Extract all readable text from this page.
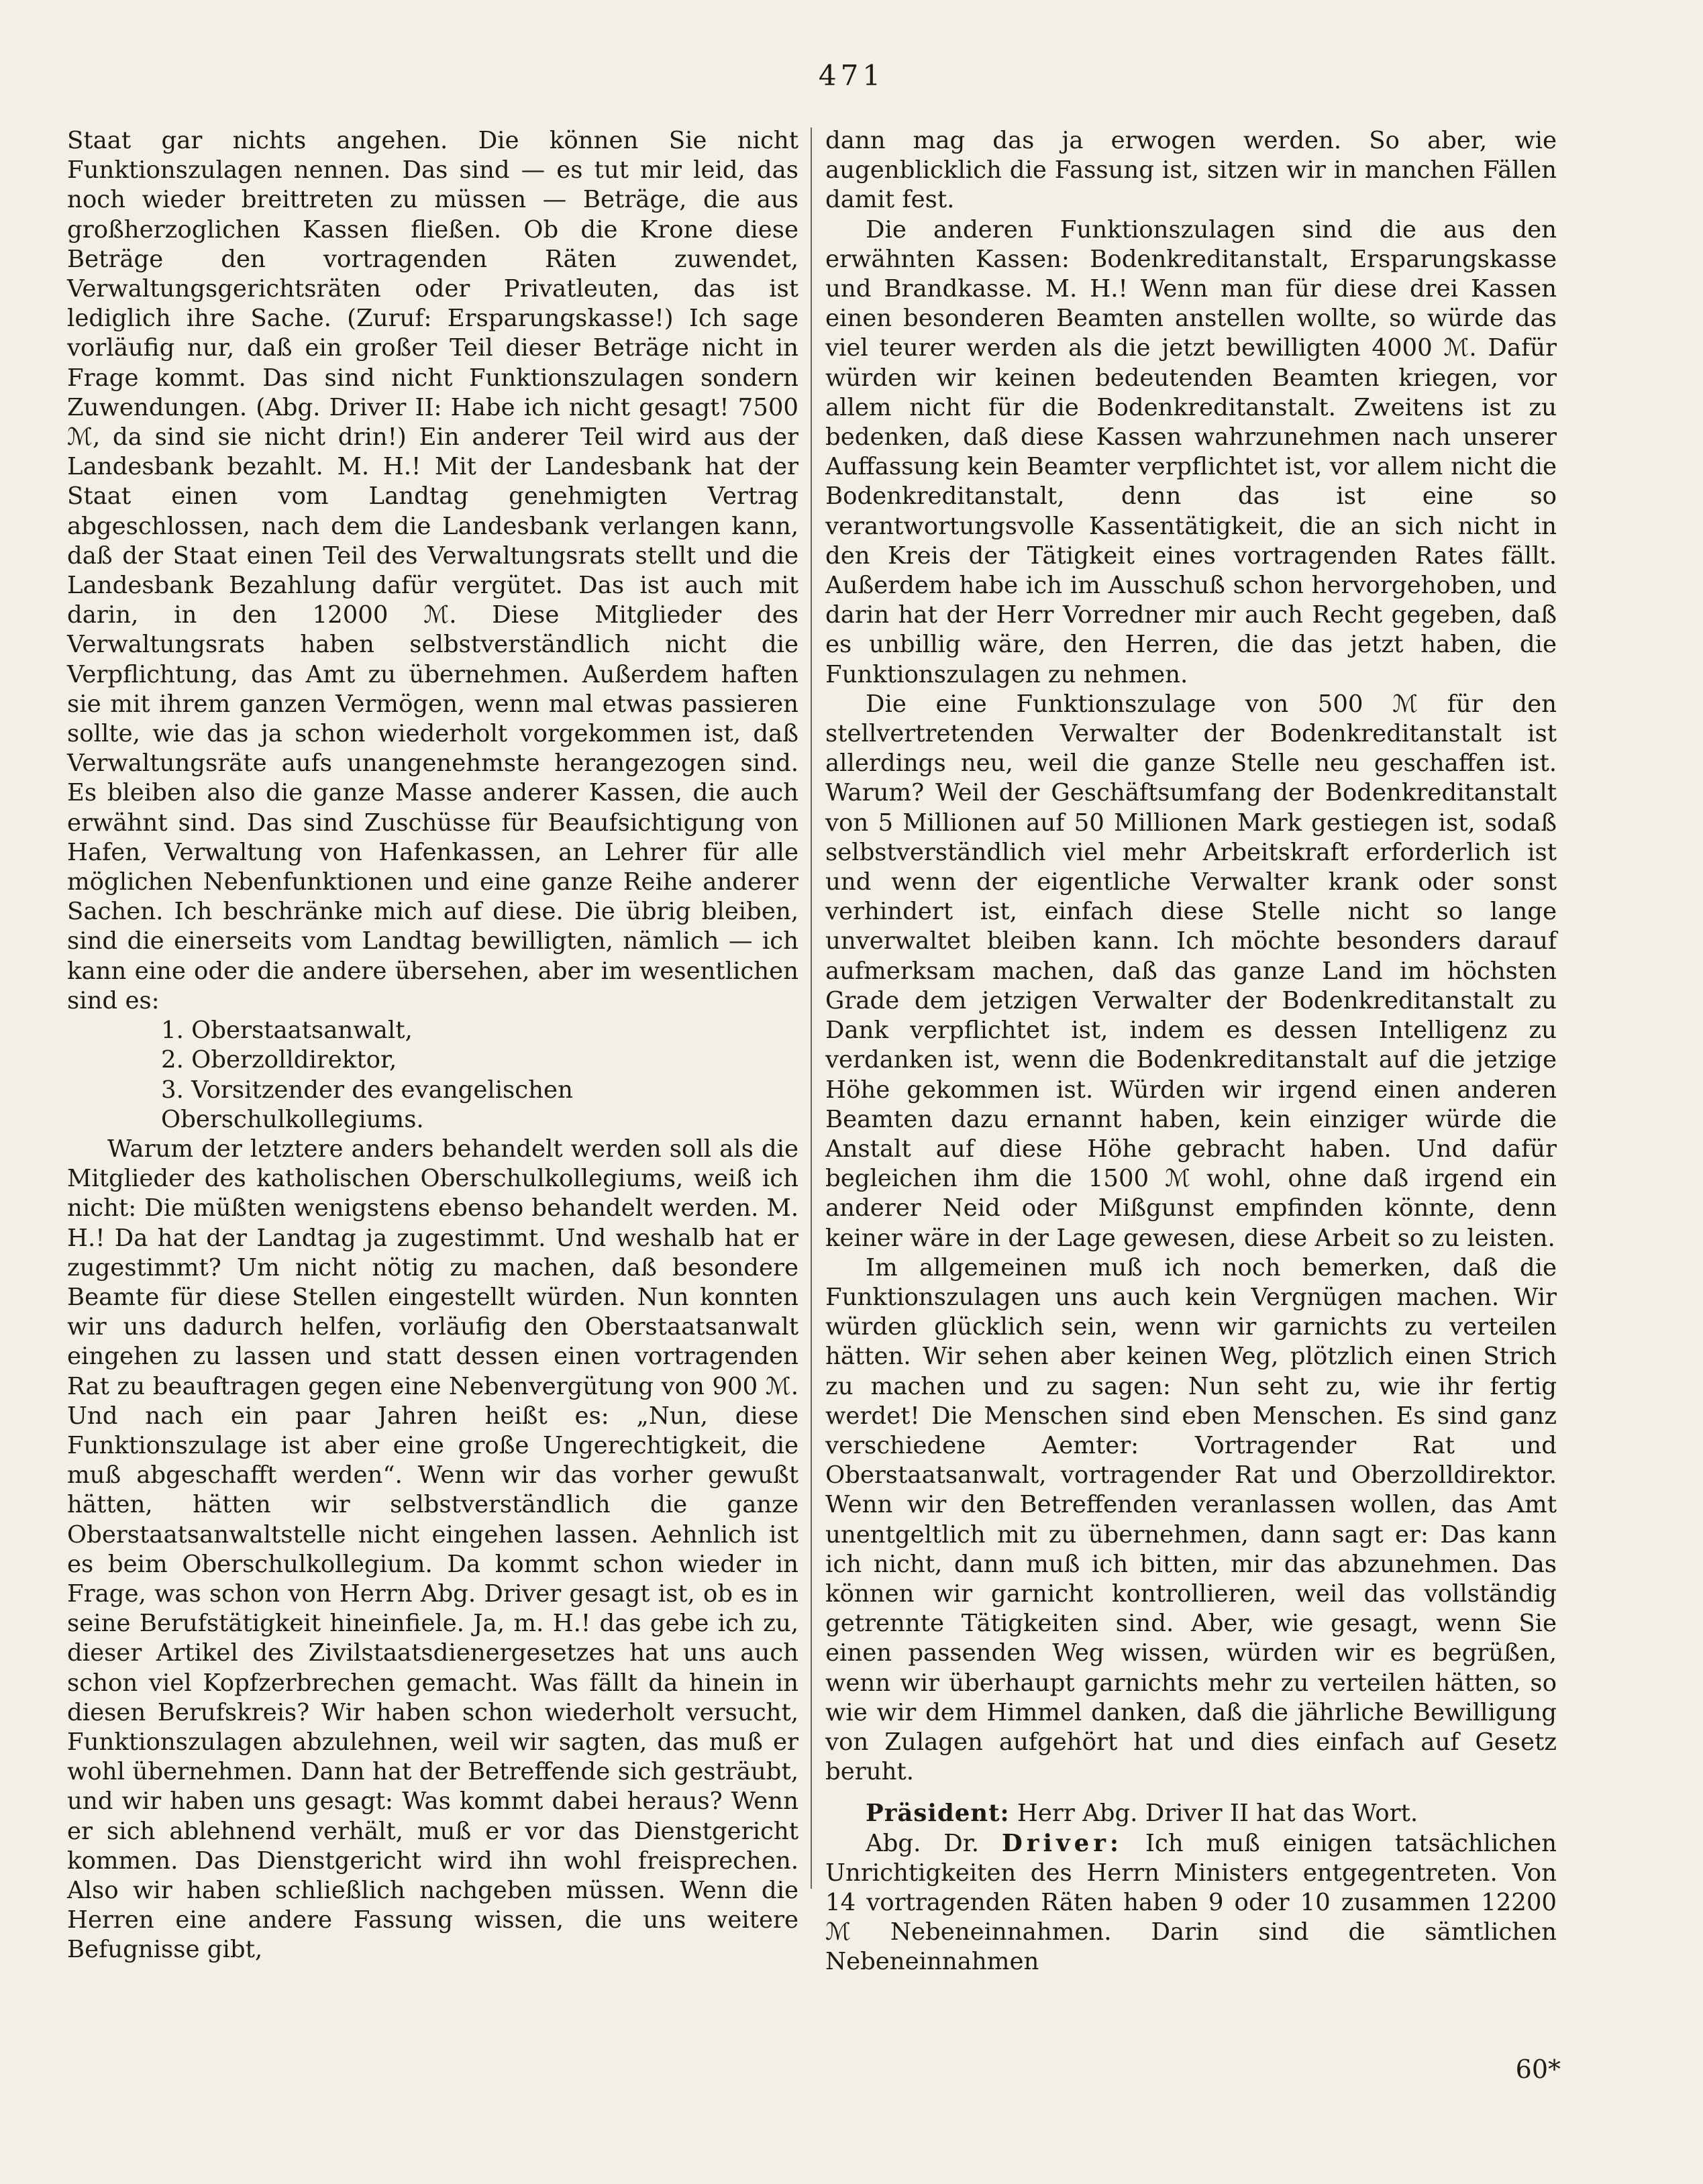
471

Staat gar nichts angehen. Die können Sie nicht Funktionszulagen nennen. Das sind — es tut mir leid, das noch wieder breittreten zu müssen — Beträge, die aus großherzoglichen Kassen fließen. Ob die Krone diese Beträge den vortragenden Räten zuwendet, Verwaltungsgerichtsräten oder Privatleuten, das ist lediglich ihre Sache. (Zuruf: Ersparungskasse!) Ich sage vorläufig nur, daß ein großer Teil dieser Beträge nicht in Frage kommt. Das sind nicht Funktionszulagen sondern Zuwendungen. (Abg. Driver II: Habe ich nicht gesagt! 7500 ℳ, da sind sie nicht drin!) Ein anderer Teil wird aus der Landesbank bezahlt. M. H.! Mit der Landesbank hat der Staat einen vom Landtag genehmigten Vertrag abgeschlossen, nach dem die Landesbank verlangen kann, daß der Staat einen Teil des Verwaltungsrats stellt und die Landesbank Bezahlung dafür vergütet. Das ist auch mit darin, in den 12000 ℳ. Diese Mitglieder des Verwaltungsrats haben selbstverständlich nicht die Verpflichtung, das Amt zu übernehmen. Außerdem haften sie mit ihrem ganzen Vermögen, wenn mal etwas passieren sollte, wie das ja schon wiederholt vorgekommen ist, daß Verwaltungsräte aufs unangenehmste herangezogen sind. Es bleiben also die ganze Masse anderer Kassen, die auch erwähnt sind. Das sind Zuschüsse für Beaufsichtigung von Hafen, Verwaltung von Hafenkassen, an Lehrer für alle möglichen Nebenfunktionen und eine ganze Reihe anderer Sachen. Ich beschränke mich auf diese. Die übrig bleiben, sind die einerseits vom Landtag bewilligten, nämlich — ich kann eine oder die andere übersehen, aber im wesentlichen sind es:

1. Oberstaatsanwalt,

2. Oberzolldirektor,

3. Vorsitzender des evangelischen Oberschulkollegiums.

Warum der letztere anders behandelt werden soll als die Mitglieder des katholischen Oberschulkollegiums, weiß ich nicht: Die müßten wenigstens ebenso behandelt werden. M. H.! Da hat der Landtag ja zugestimmt. Und weshalb hat er zugestimmt? Um nicht nötig zu machen, daß besondere Beamte für diese Stellen eingestellt würden. Nun konnten wir uns dadurch helfen, vorläufig den Oberstaatsanwalt eingehen zu lassen und statt dessen einen vortragenden Rat zu beauftragen gegen eine Nebenvergütung von 900 ℳ. Und nach ein paar Jahren heißt es: „Nun, diese Funktionszulage ist aber eine große Ungerechtigkeit, die muß abgeschafft werden“. Wenn wir das vorher gewußt hätten, hätten wir selbstverständlich die ganze Oberstaatsanwaltstelle nicht eingehen lassen. Aehnlich ist es beim Oberschulkollegium. Da kommt schon wieder in Frage, was schon von Herrn Abg. Driver gesagt ist, ob es in seine Berufstätigkeit hineinfiele. Ja, m. H.! das gebe ich zu, dieser Artikel des Zivilstaatsdienergesetzes hat uns auch schon viel Kopfzerbrechen gemacht. Was fällt da hinein in diesen Berufskreis? Wir haben schon wiederholt versucht, Funktionszulagen abzulehnen, weil wir sagten, das muß er wohl übernehmen. Dann hat der Betreffende sich gesträubt, und wir haben uns gesagt: Was kommt dabei heraus? Wenn er sich ablehnend verhält, muß er vor das Dienstgericht kommen. Das Dienstgericht wird ihn wohl freisprechen. Also wir haben schließlich nachgeben müssen. Wenn die Herren eine andere Fassung wissen, die uns weitere Befugnisse gibt,

dann mag das ja erwogen werden. So aber, wie augenblicklich die Fassung ist, sitzen wir in manchen Fällen damit fest.

Die anderen Funktionszulagen sind die aus den erwähnten Kassen: Bodenkreditanstalt, Ersparungskasse und Brandkasse. M. H.! Wenn man für diese drei Kassen einen besonderen Beamten anstellen wollte, so würde das viel teurer werden als die jetzt bewilligten 4000 ℳ. Dafür würden wir keinen bedeutenden Beamten kriegen, vor allem nicht für die Bodenkreditanstalt. Zweitens ist zu bedenken, daß diese Kassen wahrzunehmen nach unserer Auffassung kein Beamter verpflichtet ist, vor allem nicht die Bodenkreditanstalt, denn das ist eine so verantwortungsvolle Kassentätigkeit, die an sich nicht in den Kreis der Tätigkeit eines vortragenden Rates fällt. Außerdem habe ich im Ausschuß schon hervorgehoben, und darin hat der Herr Vorredner mir auch Recht gegeben, daß es unbillig wäre, den Herren, die das jetzt haben, die Funktionszulagen zu nehmen.

Die eine Funktionszulage von 500 ℳ für den stellvertretenden Verwalter der Bodenkreditanstalt ist allerdings neu, weil die ganze Stelle neu geschaffen ist. Warum? Weil der Geschäftsumfang der Bodenkreditanstalt von 5 Millionen auf 50 Millionen Mark gestiegen ist, sodaß selbstverständlich viel mehr Arbeitskraft erforderlich ist und wenn der eigentliche Verwalter krank oder sonst verhindert ist, einfach diese Stelle nicht so lange unverwaltet bleiben kann. Ich möchte besonders darauf aufmerksam machen, daß das ganze Land im höchsten Grade dem jetzigen Verwalter der Bodenkreditanstalt zu Dank verpflichtet ist, indem es dessen Intelligenz zu verdanken ist, wenn die Bodenkreditanstalt auf die jetzige Höhe gekommen ist. Würden wir irgend einen anderen Beamten dazu ernannt haben, kein einziger würde die Anstalt auf diese Höhe gebracht haben. Und dafür begleichen ihm die 1500 ℳ wohl, ohne daß irgend ein anderer Neid oder Mißgunst empfinden könnte, denn keiner wäre in der Lage gewesen, diese Arbeit so zu leisten.

Im allgemeinen muß ich noch bemerken, daß die Funktionszulagen uns auch kein Vergnügen machen. Wir würden glücklich sein, wenn wir garnichts zu verteilen hätten. Wir sehen aber keinen Weg, plötzlich einen Strich zu machen und zu sagen: Nun seht zu, wie ihr fertig werdet! Die Menschen sind eben Menschen. Es sind ganz verschiedene Aemter: Vortragender Rat und Oberstaatsanwalt, vortragender Rat und Oberzolldirektor. Wenn wir den Betreffenden veranlassen wollen, das Amt unentgeltlich mit zu übernehmen, dann sagt er: Das kann ich nicht, dann muß ich bitten, mir das abzunehmen. Das können wir garnicht kontrollieren, weil das vollständig getrennte Tätigkeiten sind. Aber, wie gesagt, wenn Sie einen passenden Weg wissen, würden wir es begrüßen, wenn wir überhaupt garnichts mehr zu verteilen hätten, so wie wir dem Himmel danken, daß die jährliche Bewilligung von Zulagen aufgehört hat und dies einfach auf Gesetz beruht.

Präsident: Herr Abg. Driver II hat das Wort.

Abg. Dr. Driver: Ich muß einigen tatsächlichen Unrichtigkeiten des Herrn Ministers entgegentreten. Von 14 vortragenden Räten haben 9 oder 10 zusammen 12200 ℳ Nebeneinnahmen. Darin sind die sämtlichen Nebeneinnahmen

60*
